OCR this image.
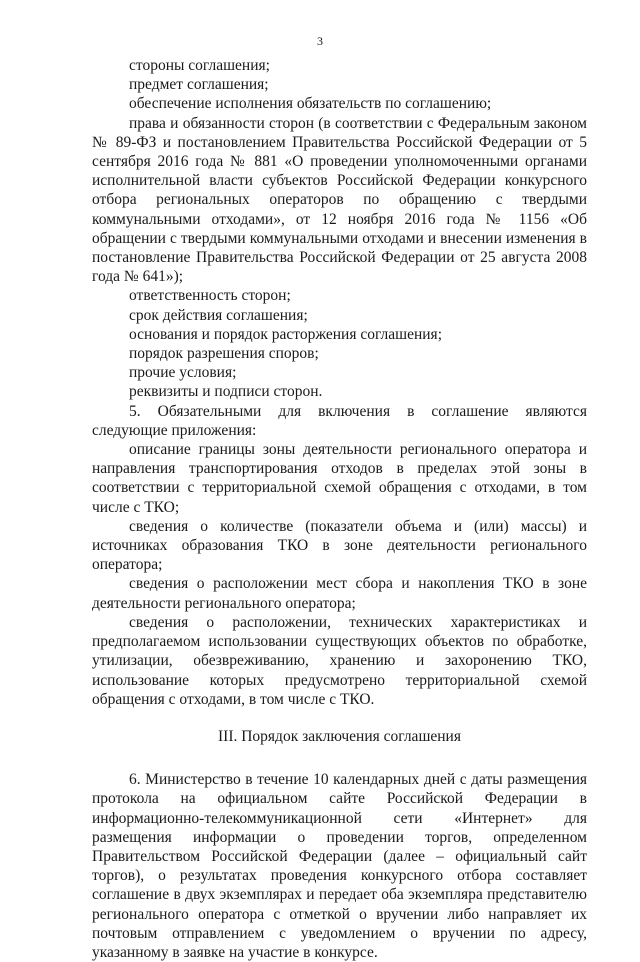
3
стороны соглашения;
предмет соглашения;
обеспечение исполнения обязательств по соглашению;

права и обязанности сторон (в соответствии с Федеральным законом № 89-ФЗ и постановлением Правительства Российской Федерации от 5 сентября 2016 года № 881 «О проведении уполномоченными органами исполнительной власти субъектов Российской Федерации конкурсного отбора региональных операторов по обращению с твердыми коммунальными отходами», от 12 ноября 2016 года № 1156 «Об обращении с твердыми коммунальными отходами и внесении изменения в постановление Правительства Российской Федерации от 25 августа 2008 года № 641»);

ответственность сторон;
срок действия соглашения;
основания и порядок расторжения соглашения;
порядок разрешения споров;
прочие условия;
реквизиты и подписи сторон.

5. Обязательными для включения в соглашение являются следующие приложения:

описание границы зоны деятельности регионального оператора и направления транспортирования отходов в пределах этой зоны в соответствии с территориальной схемой обращения с отходами, в том числе с ТКО;

сведения о количестве (показатели объема и (или) массы) и источниках образования ТКО в зоне деятельности регионального оператора;

сведения о расположении мест сбора и накопления ТКО в зоне деятельности регионального оператора;

сведения о расположении, технических характеристиках и предполагаемом использовании существующих объектов по обработке, утилизации, обезвреживанию, хранению и захоронению ТКО, использование которых предусмотрено территориальной схемой обращения с отходами, в том числе с ТКО.

III. Порядок заключения соглашения

6. Министерство в течение 10 календарных дней с даты размещения протокола на официальном сайте Российской Федерации в информационно-телекоммуникационной сети «Интернет» для размещения информации о проведении торгов, определенном Правительством Российской Федерации (далее – официальный сайт торгов), о результатах проведения конкурсного отбора составляет соглашение в двух экземплярах и передает оба экземпляра представителю регионального оператора с отметкой о вручении либо направляет их почтовым отправлением с уведомлением о вручении по адресу, указанному в заявке на участие в конкурсе.
